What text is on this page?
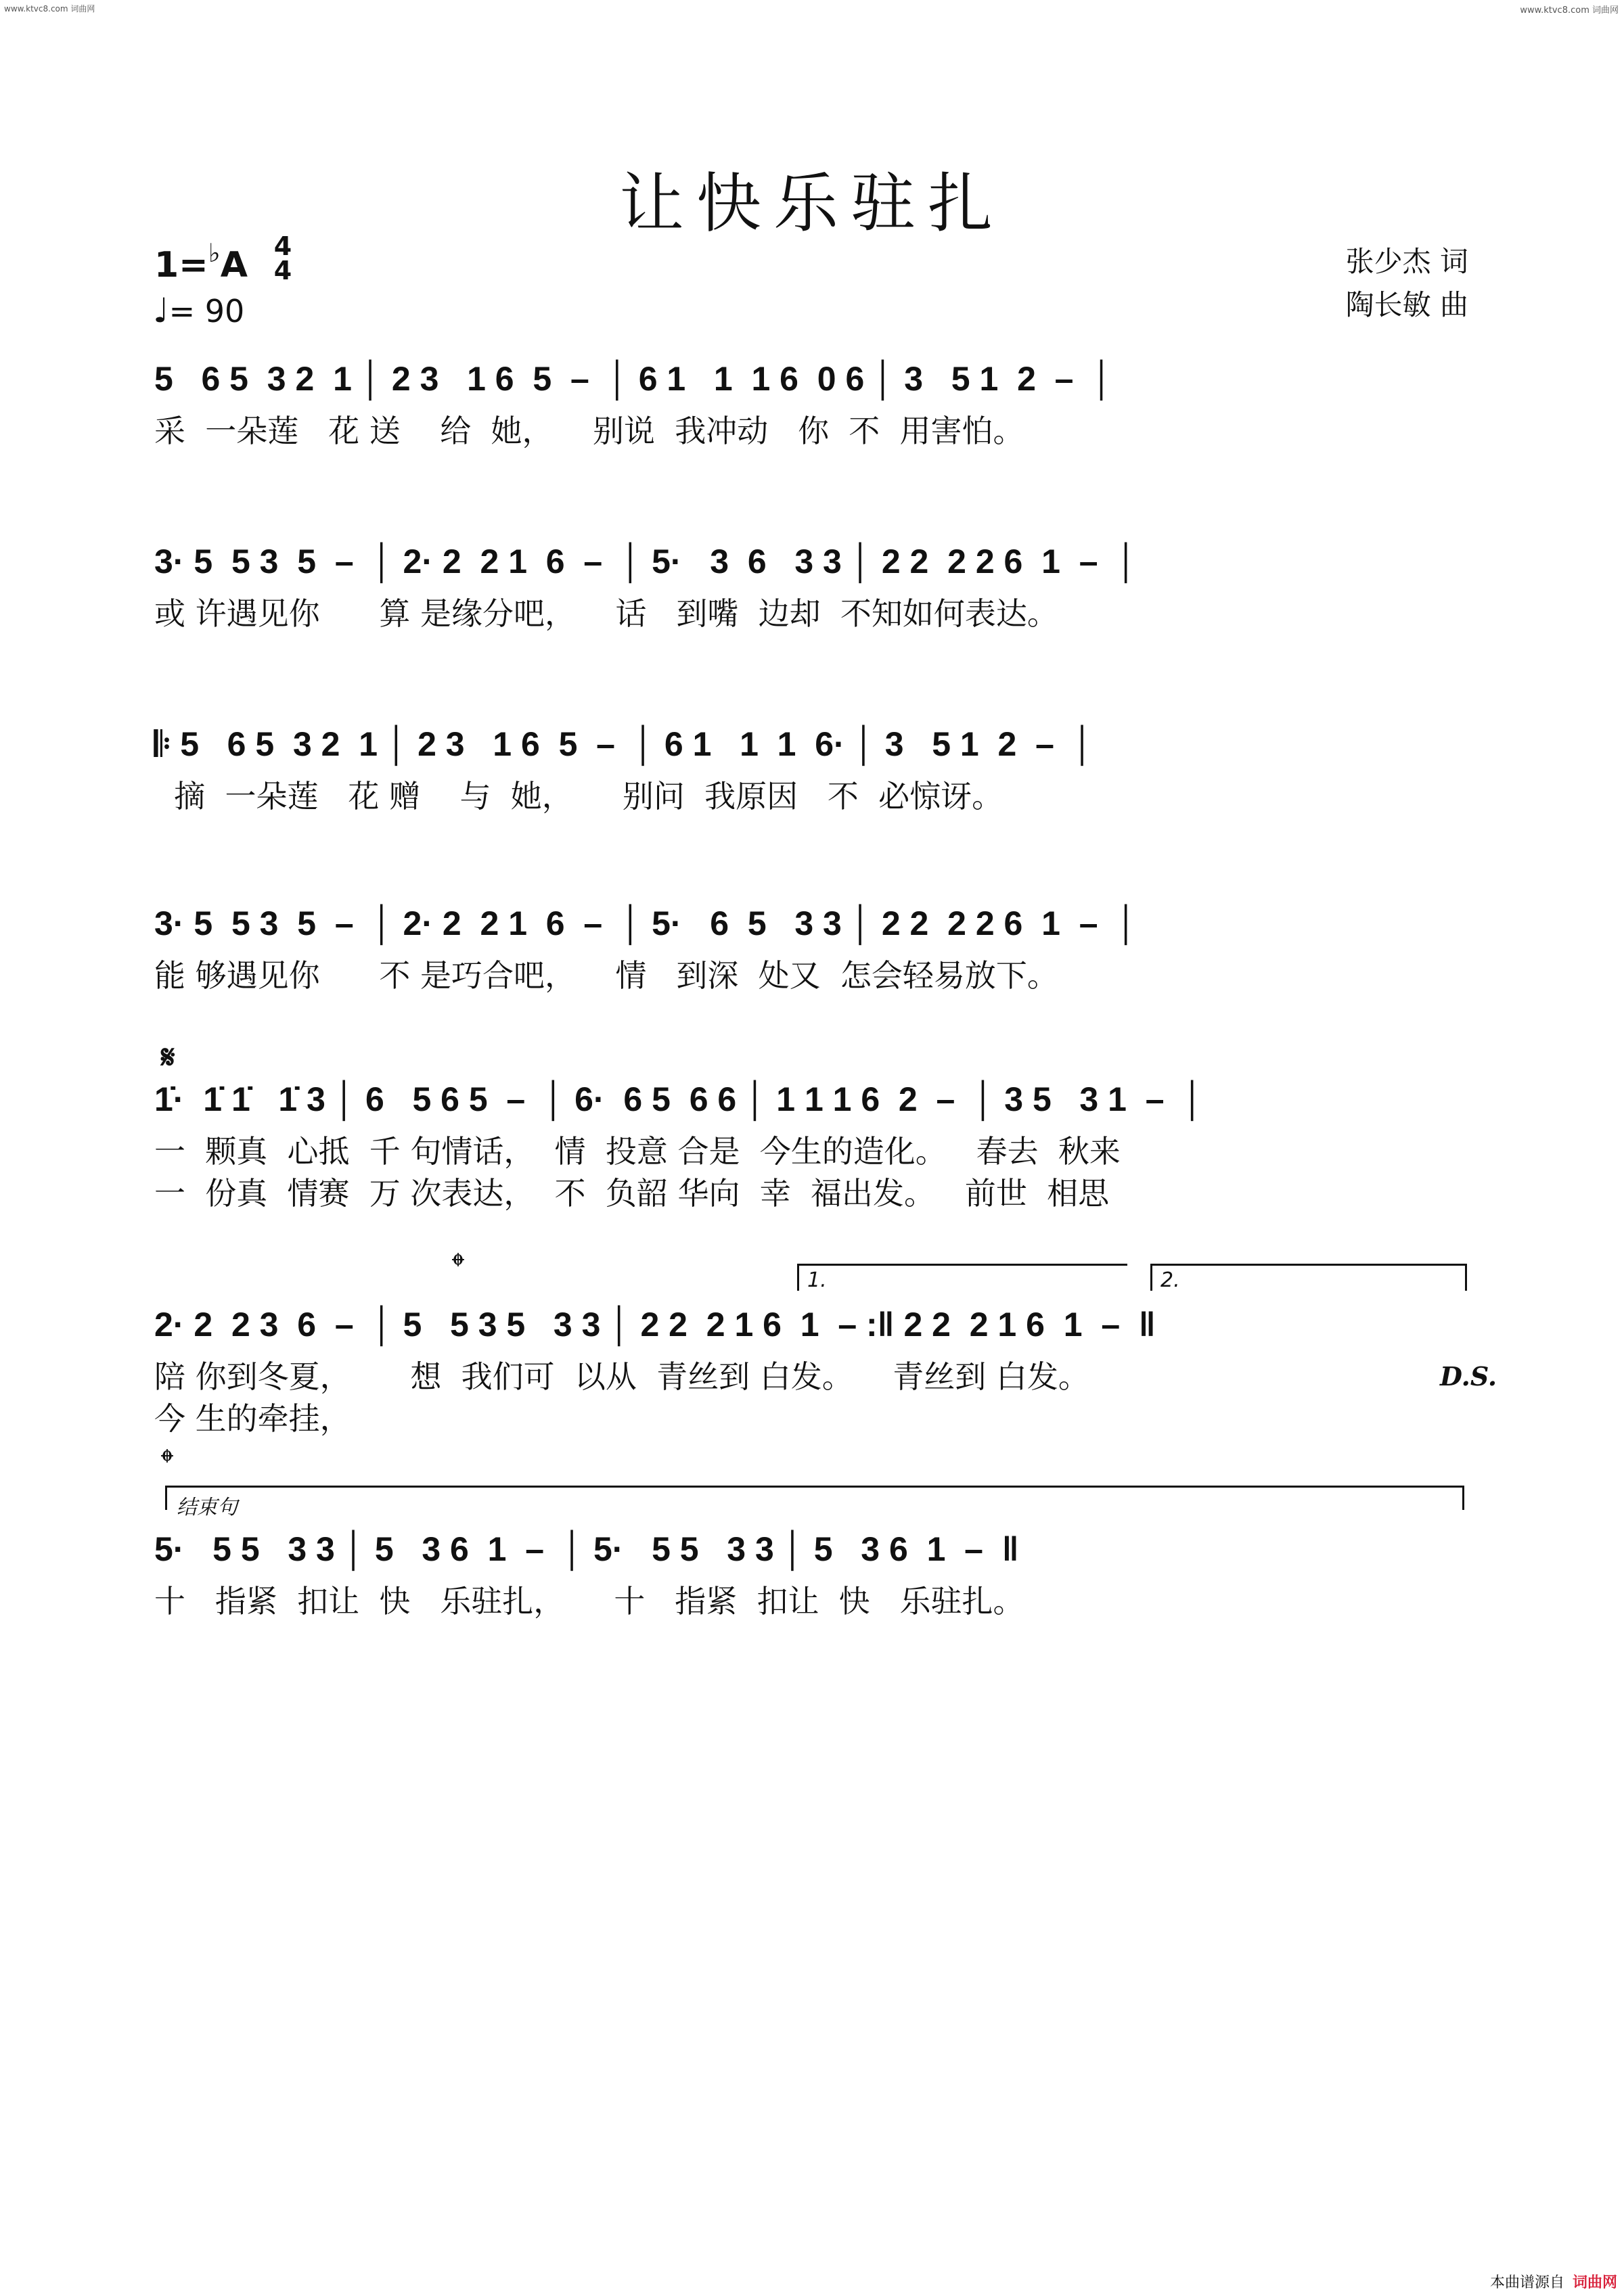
www.ktvc8.com 词曲网	www.ktvc8.com 词曲网
让快乐驻扎
1=♭A 4
4
♩= 90
张少杰 词
陶长敏 曲
5   6 5  3 2  1 │ 2 3   1 6  5  –  │ 6 1   1  1 6  0 6 │ 3   5 1  2  –  │
采  一朵莲   花 送    给  她，    别说  我冲动   你  不  用害怕。
3· 5  5 3  5  –  │ 2· 2  2 1  6  –  │ 5·   3  6   3 3 │ 2 2  2 2 6  1  –  │
或 许遇见你      算 是缘分吧，    话   到嘴  边却  不知如何表达。
𝄆 5   6 5  3 2  1 │ 2 3   1 6  5  –  │ 6 1   1  1  6· │ 3   5 1  2  –  │
摘  一朵莲   花 赠    与  她，     别问  我原因   不  必惊讶。
3· 5  5 3  5  –  │ 2· 2  2 1  6  –  │ 5·   6  5   3 3 │ 2 2  2 2 6  1  –  │
能 够遇见你      不 是巧合吧，    情   到深  处又  怎会轻易放下。
𝄋
1̇·  1̇ 1̇   1̇ 3 │ 6   5 6 5  –  │ 6·  6 5  6 6 │ 1 1 1 6  2  –  │ 3 5   3 1  –  │
一  颗真  心抵  千 句情话，  情  投意 合是  今生的造化。   春去  秋来
一  份真  情赛  万 次表达，  不  负韶 华向  幸  福出发。   前世  相思
𝄌	1.	2.
2· 2  2 3  6  –  │ 5   5 3 5   3 3 │ 2 2  2 1 6  1  – :‖ 2 2  2 1 6  1  –  ‖
陪 你到冬夏，      想  我们可  以从  青丝到 白发。    青丝到 白发。
今 生的牵挂，
D.S.
𝄌
结束句
5·   5 5   3 3 │ 5   3 6  1  –  │ 5·   5 5   3 3 │ 5   3 6  1  –  ‖
十   指紧  扣让  快   乐驻扎，     十   指紧  扣让  快   乐驻扎。
本曲谱源自 词曲网
